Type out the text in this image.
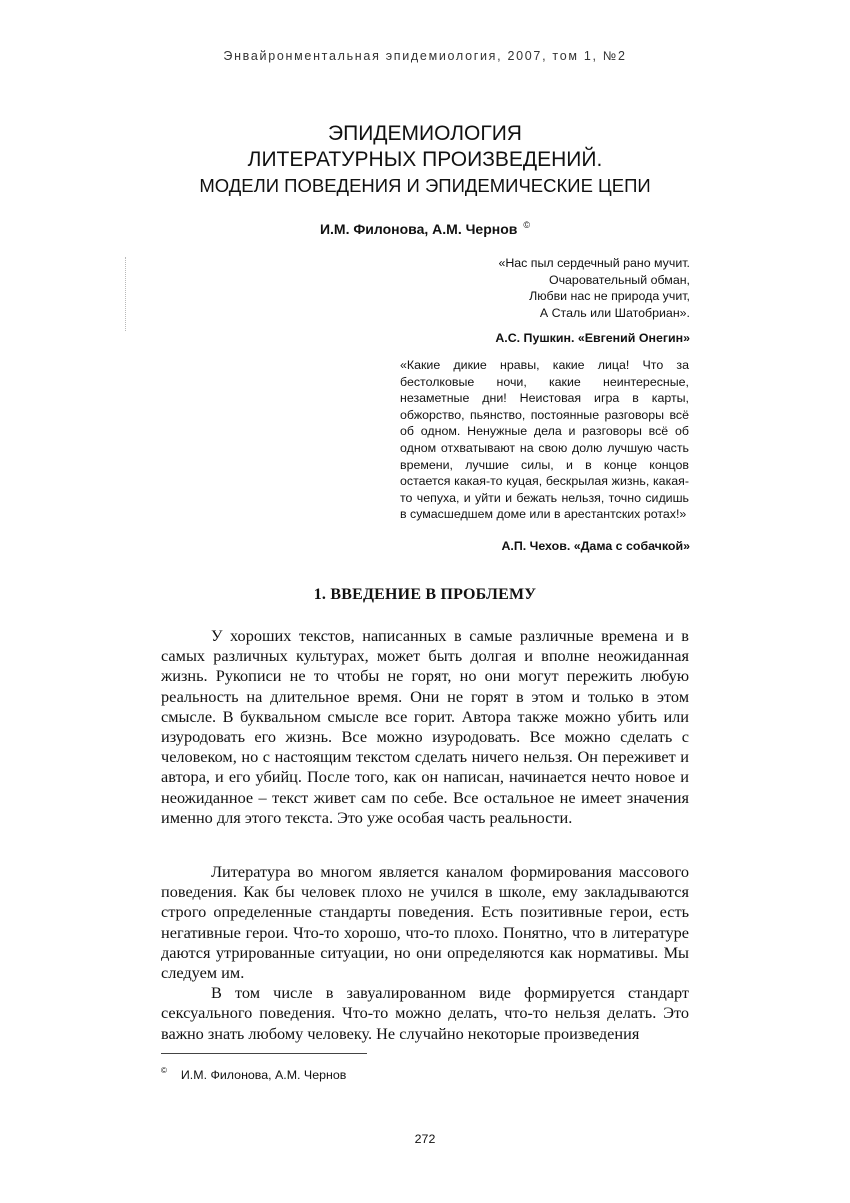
Энвайронментальная эпидемиология, 2007, том 1, №2
ЭПИДЕМИОЛОГИЯ
ЛИТЕРАТУРНЫХ ПРОИЗВЕДЕНИЙ.
МОДЕЛИ ПОВЕДЕНИЯ И ЭПИДЕМИЧЕСКИЕ ЦЕПИ
И.М. Филонова, А.М. Чернов ©
«Нас пыл сердечный рано мучит.
Очаровательный обман,
Любви нас не природа учит,
А Сталь или Шатобриан».
А.С. Пушкин. «Евгений Онегин»
«Какие дикие нравы, какие лица! Что за бестолковые ночи, какие неинтересные, незаметные дни! Неистовая игра в карты, обжорство, пьянство, постоянные разговоры всё об одном. Ненужные дела и разговоры всё об одном отхватывают на свою долю лучшую часть времени, лучшие силы, и в конце концов остается какая-то куцая, бескрылая жизнь, какая-то чепуха, и уйти и бежать нельзя, точно сидишь в сумасшедшем доме или в арестантских ротах!»
А.П. Чехов. «Дама с собачкой»
1. ВВЕДЕНИЕ В ПРОБЛЕМУ

У хороших текстов, написанных в самые различные времена и в самых различных культурах, может быть долгая и вполне неожиданная жизнь. Рукописи не то чтобы не горят, но они могут пережить любую реальность на длительное время. Они не горят в этом и только в этом смысле. В буквальном смысле все горит. Автора также можно убить или изуродовать его жизнь. Все можно изуродовать. Все можно сделать с человеком, но с настоящим текстом сделать ничего нельзя. Он переживет и автора, и его убийц. После того, как он написан, начинается нечто новое и неожиданное – текст живет сам по себе. Все остальное не имеет значения именно для этого текста. Это уже особая часть реальности.

Литература во многом является каналом формирования массового поведения. Как бы человек плохо не учился в школе, ему закладываются строго определенные стандарты поведения. Есть позитивные герои, есть негативные герои. Что-то хорошо, что-то плохо. Понятно, что в литературе даются утрированные ситуации, но они определяются как нормативы. Мы следуем им.

В том числе в завуалированном виде формируется стандарт сексуального поведения. Что-то можно делать, что-то нельзя делать. Это важно знать любому человеку. Не случайно некоторые произведения

© И.М. Филонова, А.М. Чернов
272
